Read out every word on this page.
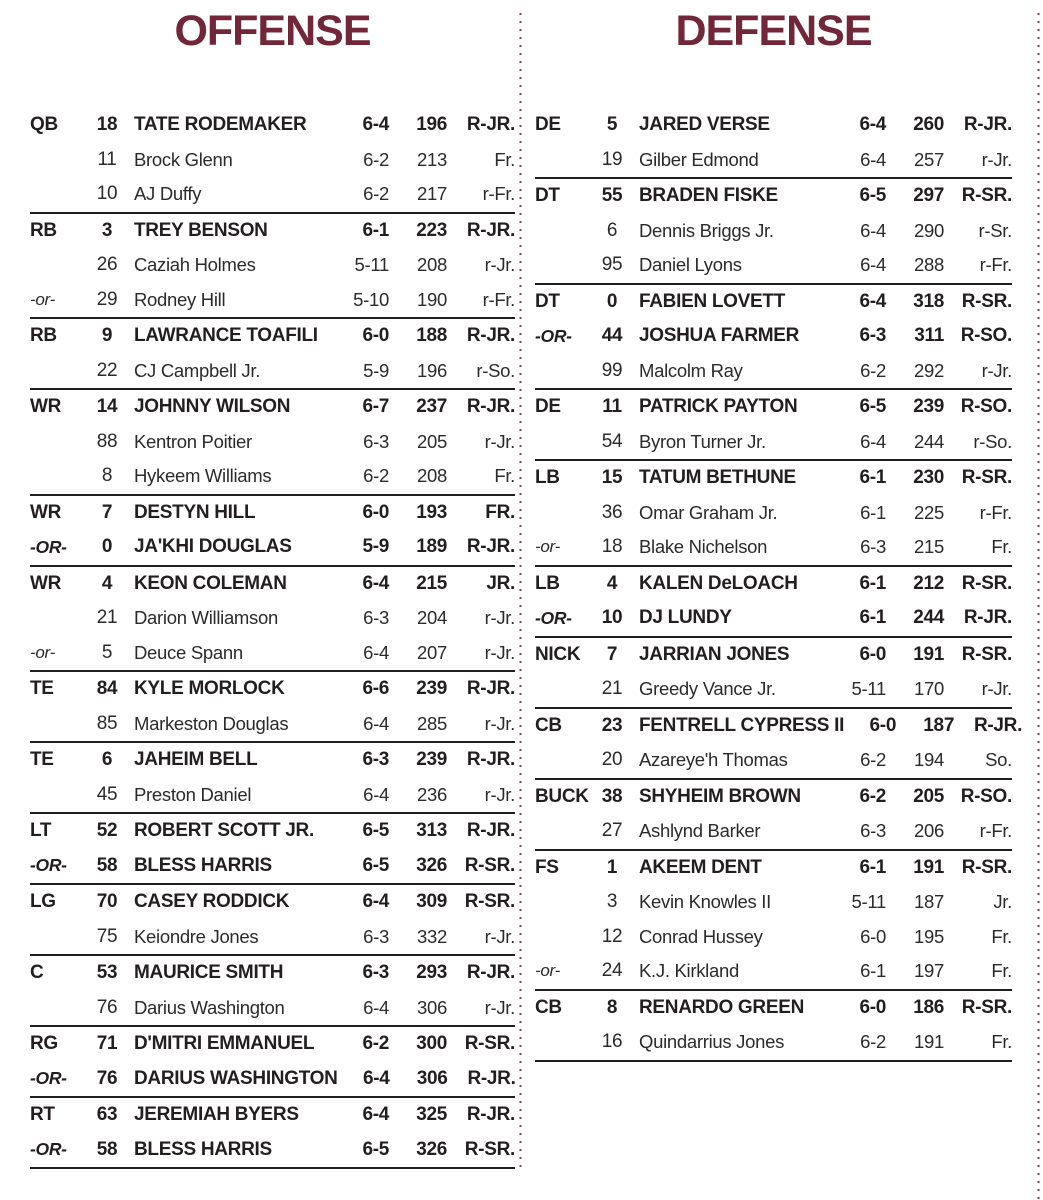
OFFENSE	DEFENSE
QB	18 TATE RODEMAKER	6-4	196	R-JR.
11 Brock Glenn	6-2	213	Fr.
10 AJ Duffy	6-2	217	r-Fr.
RB	3	TREY BENSON	6-1	223	R-JR.
26 Caziah Holmes	5-11	208	r-Jr.
-or-	29 Rodney Hill	5-10	190	r-Fr.
RB	9	LAWRANCE TOAFILI	6-0	188	R-JR.
22 CJ Campbell Jr.	5-9	196	r-So.
WR	14 JOHNNY WILSON	6-7	237	R-JR.
88 Kentron Poitier	6-3	205	r-Jr.
8	Hykeem Williams	6-2	208	Fr.
WR	7	DESTYN HILL	6-0	193	FR.
-OR-	0	JA'KHI DOUGLAS	5-9	189	R-JR.
WR	4	KEON COLEMAN	6-4	215	JR.
21 Darion Williamson	6-3	204	r-Jr.
-or-	5	Deuce Spann	6-4	207	r-Jr.
TE	84 KYLE MORLOCK	6-6	239	R-JR.
85 Markeston Douglas	6-4	285	r-Jr.
TE	6	JAHEIM BELL	6-3	239	R-JR.
45 Preston Daniel	6-4	236	r-Jr.
LT	52 ROBERT SCOTT JR.	6-5	313	R-JR.
-OR-	58 BLESS HARRIS	6-5	326 R-SR.
LG	70 CASEY RODDICK	6-4	309 R-SR.
75 Keiondre Jones	6-3	332	r-Jr.
C	53 MAURICE SMITH	6-3	293	R-JR.
76 Darius Washington	6-4	306	r-Jr.
RG	71 D'MITRI EMMANUEL	6-2	300 R-SR.
-OR-	76 DARIUS WASHINGTON	6-4	306	R-JR.
RT	63 JEREMIAH BYERS	6-4	325	R-JR.
-OR-	58 BLESS HARRIS	6-5	326 R-SR.
DE	5	JARED VERSE	6-4	260	R-JR.
19 Gilber Edmond	6-4	257	r-Jr.
DT	55 BRADEN FISKE	6-5	297 R-SR.
6	Dennis Briggs Jr.	6-4	290	r-Sr.
95 Daniel Lyons	6-4	288	r-Fr.
DT	0	FABIEN LOVETT	6-4	318 R-SR.
-OR-	44 JOSHUA FARMER	6-3	311 R-SO.
99 Malcolm Ray	6-2	292	r-Jr.
DE	11 PATRICK PAYTON	6-5	239 R-SO.
54 Byron Turner Jr.	6-4	244	r-So.
LB	15 TATUM BETHUNE	6-1	230 R-SR.
36 Omar Graham Jr.	6-1	225	r-Fr.
-or-	18 Blake Nichelson	6-3	215	Fr.
LB	4	KALEN DeLOACH	6-1	212 R-SR.
-OR-	10 DJ LUNDY	6-1	244	R-JR.
NICK	7	JARRIAN JONES	6-0	191 R-SR.
21 Greedy Vance Jr.	5-11	170	r-Jr.
CB	23 FENTRELL CYPRESS II	6-0	187	R-JR.
20 Azareye'h Thomas	6-2	194	So.
BUCK 38 SHYHEIM BROWN	6-2	205 R-SO.
27 Ashlynd Barker	6-3	206	r-Fr.
FS	1	AKEEM DENT	6-1	191 R-SR.
3	Kevin Knowles II	5-11	187	Jr.
12 Conrad Hussey	6-0	195	Fr.
-or-	24 K.J. Kirkland	6-1	197	Fr.
CB	8	RENARDO GREEN	6-0	186 R-SR.
16 Quindarrius Jones	6-2	191	Fr.
